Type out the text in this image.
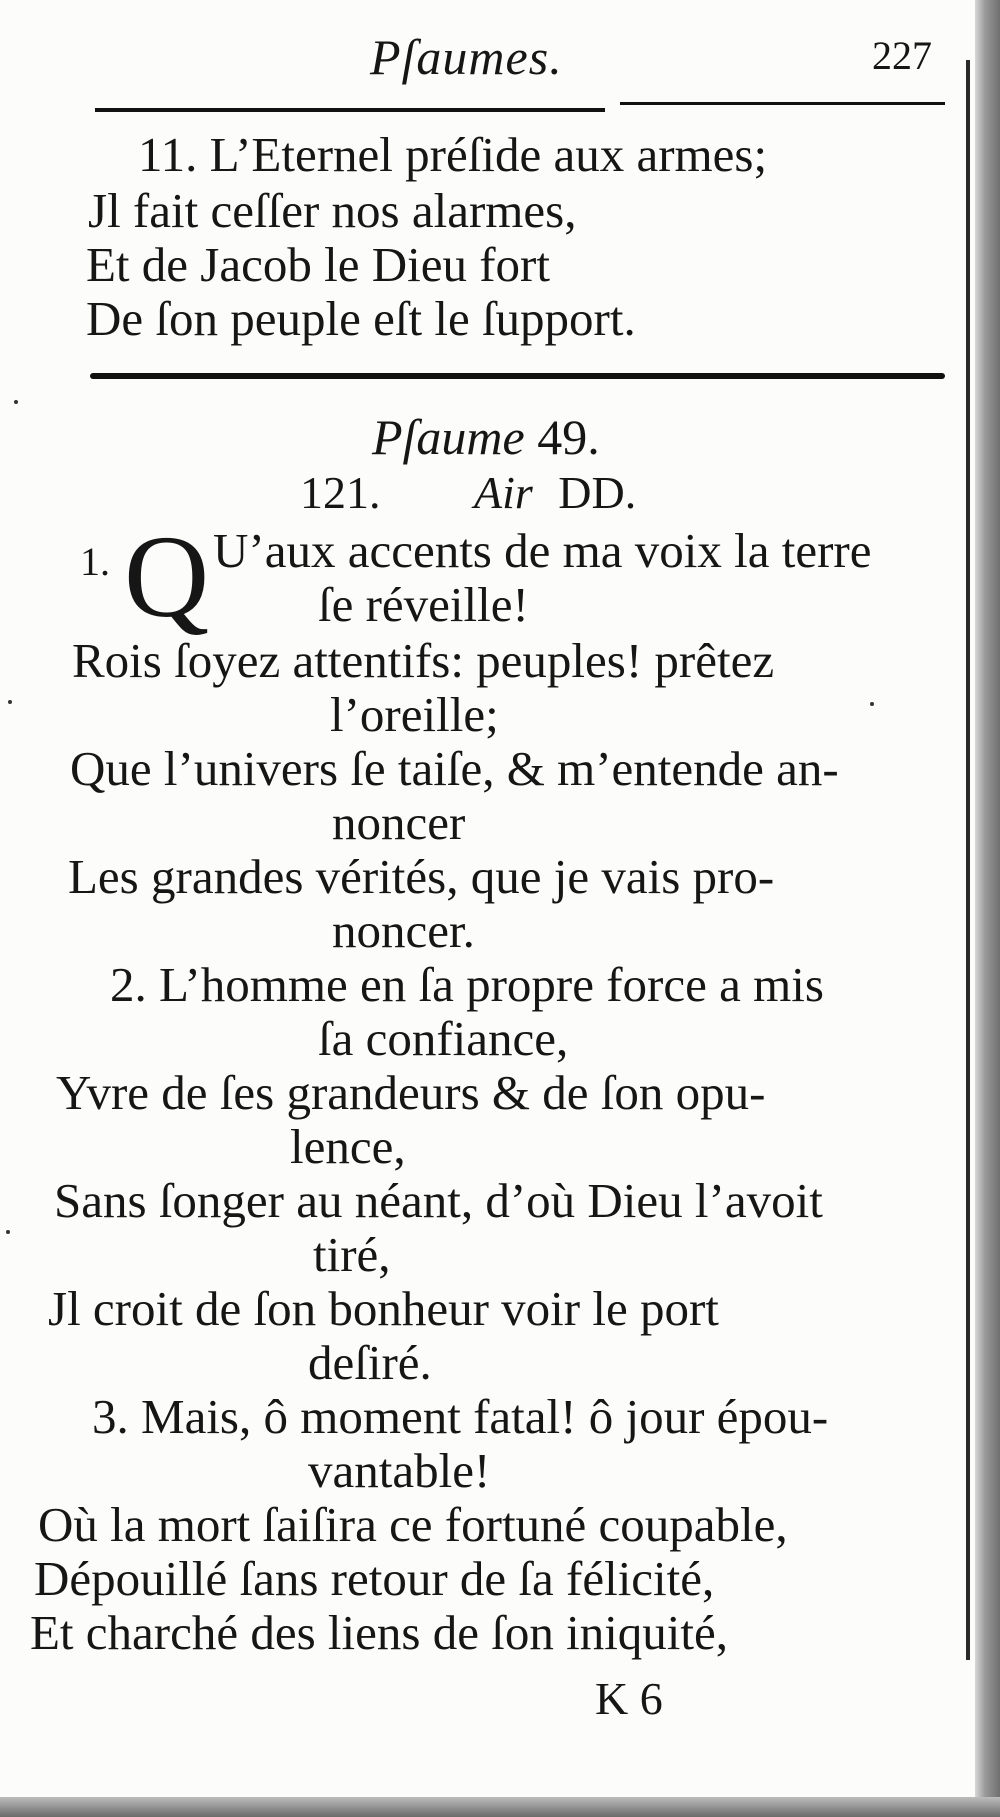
Pſaumes.	227
11. L’Eternel préſide aux armes;
Jl fait ceſſer nos alarmes,
Et de Jacob le Dieu fort
De ſon peuple eſt le ſupport.
Pſaume 49.
121. Air DD.
1. Q U’aux accents de ma voix la terre
ſe réveille!
Rois ſoyez attentifs: peuples! prêtez
l’oreille;
Que l’univers ſe taiſe, & m’entende an-
noncer
Les grandes vérités, que je vais pro-
noncer.
2. L’homme en ſa propre force a mis
ſa confiance,
Yvre de ſes grandeurs & de ſon opu-
lence,
Sans ſonger au néant, d’où Dieu l’avoit
tiré,
Jl croit de ſon bonheur voir le port
deſiré.
3. Mais, ô moment fatal! ô jour épou-
vantable!
Où la mort ſaiſira ce fortuné coupable,
Dépouillé ſans retour de ſa félicité,
Et charché des liens de ſon iniquité,
K 6
